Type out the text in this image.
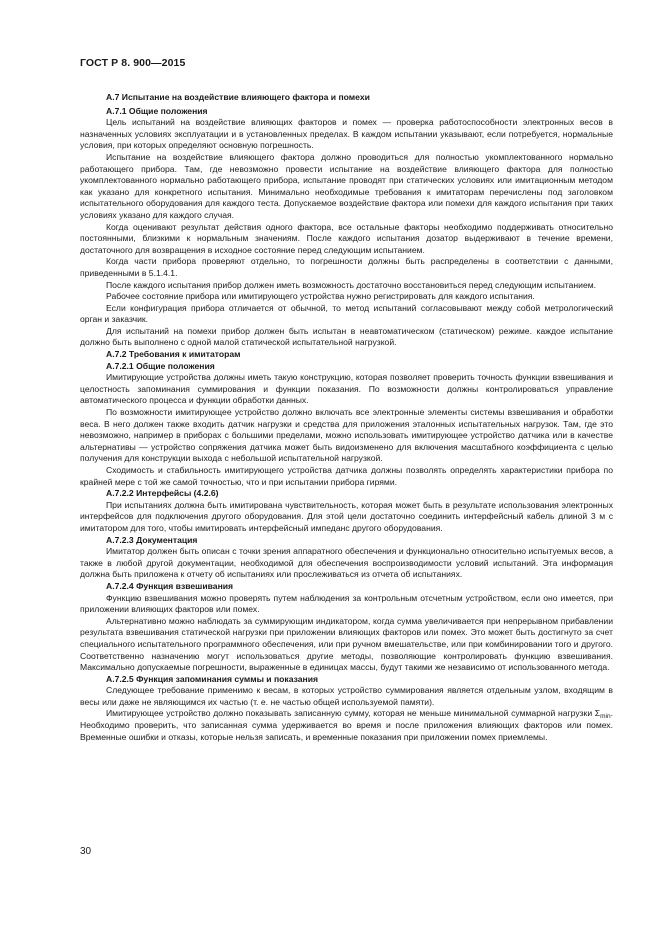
ГОСТ Р 8. 900—2015
A.7 Испытание на воздействие влияющего фактора и помехи
A.7.1 Общие положения

Цель испытаний на воздействие влияющих факторов и помех — проверка работоспособности электронных весов в назначенных условиях эксплуатации и в установленных пределах. В каждом испытании указывают, если потребуется, нормальные условия, при которых определяют основную погрешность.

Испытание на воздействие влияющего фактора должно проводиться для полностью укомплектованного нормально работающего прибора. Там, где невозможно провести испытание на воздействие влияющего фактора для полностью укомплектованного нормально работающего прибора, испытание проводят при статических условиях или имитационным методом как указано для конкретного испытания. Минимально необходимые требования к имитаторам перечислены под заголовком испытательного оборудования для каждого теста. Допускаемое воздействие фактора или помехи для каждого испытания при таких условиях указано для каждого случая.

Когда оценивают результат действия одного фактора, все остальные факторы необходимо поддерживать относительно постоянными, близкими к нормальным значениям. После каждого испытания дозатор выдерживают в течение времени, достаточного для возвращения в исходное состояние перед следующим испытанием.

Когда части прибора проверяют отдельно, то погрешности должны быть распределены в соответствии с данными, приведенными в 5.1.4.1.

После каждого испытания прибор должен иметь возможность достаточно восстановиться перед следующим испытанием.

Рабочее состояние прибора или имитирующего устройства нужно регистрировать для каждого испытания.

Если конфигурация прибора отличается от обычной, то метод испытаний согласовывают между собой метрологический орган и заказчик.

Для испытаний на помехи прибор должен быть испытан в неавтоматическом (статическом) режиме. каждое испытание должно быть выполнено с одной малой статической испытательной нагрузкой.

A.7.2 Требования к имитаторам
A.7.2.1 Общие положения

Имитирующие устройства должны иметь такую конструкцию, которая позволяет проверить точность функции взвешивания и целостность запоминания суммирования и функции показания. По возможности должны контролироваться управление автоматического процесса и функции обработки данных.

По возможности имитирующее устройство должно включать все электронные элементы системы взвешивания и обработки веса. В него должен также входить датчик нагрузки и средства для приложения эталонных испытательных нагрузок. Там, где это невозможно, например в приборах с большими пределами, можно использовать имитирующее устройство датчика или в качестве альтернативы — устройство сопряжения датчика может быть видоизменено для включения масштабного коэффициента с целью получения для конструкции выхода с небольшой испытательной нагрузкой.

Сходимость и стабильность имитирующего устройства датчика должны позволять определять характеристики прибора по крайней мере с той же самой точностью, что и при испытании прибора гирями.

A.7.2.2 Интерфейсы (4.2.6)

При испытаниях должна быть имитирована чувствительность, которая может быть в результате использования электронных интерфейсов для подключения другого оборудования. Для этой цели достаточно соединить интерфейсный кабель длиной 3 м с имитатором для того, чтобы имитировать интерфейсный импеданс другого оборудования.

A.7.2.3 Документация

Имитатор должен быть описан с точки зрения аппаратного обеспечения и функционально относительно испытуемых весов, а также в любой другой документации, необходимой для обеспечения воспроизводимости условий испытаний. Эта информация должна быть приложена к отчету об испытаниях или прослеживаться из отчета об испытаниях.

A.7.2.4 Функция взвешивания

Функцию взвешивания можно проверять путем наблюдения за контрольным отсчетным устройством, если оно имеется, при приложении влияющих факторов или помех.

Альтернативно можно наблюдать за суммирующим индикатором, когда сумма увеличивается при непрерывном прибавлении результата взвешивания статической нагрузки при приложении влияющих факторов или помех. Это может быть достигнуто за счет специального испытательного программного обеспечения, или при ручном вмешательстве, или при комбинировании того и другого. Соответственно назначению могут использоваться другие методы, позволяющие контролировать функцию взвешивания. Максимально допускаемые погрешности, выраженные в единицах массы, будут такими же независимо от использованного метода.

A.7.2.5 Функция запоминания суммы и показания

Следующее требование применимо к весам, в которых устройство суммирования является отдельным узлом, входящим в весы или даже не являющимся их частью (т. е. не частью общей используемой памяти).

Имитирующее устройство должно показывать записанную сумму, которая не меньше минимальной суммарной нагрузки $\Sigma_{min}$. Необходимо проверить, что записанная сумма удерживается во время и после приложения влияющих факторов или помех. Временные ошибки и отказы, которые нельзя записать, и временные показания при приложении помех приемлемы.

30
